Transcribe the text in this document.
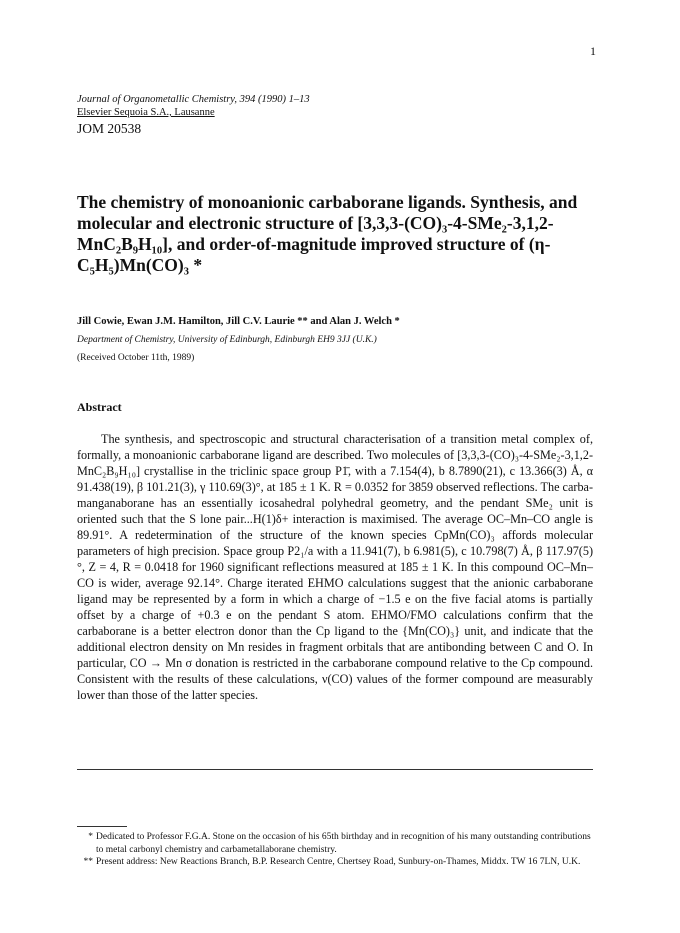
1
Journal of Organometallic Chemistry, 394 (1990) 1–13
Elsevier Sequoia S.A., Lausanne
JOM 20538
The chemistry of monoanionic carbaborane ligands. Synthesis, and molecular and electronic structure of [3,3,3-(CO)₃-4-SMe₂-3,1,2-MnC₂B₉H₁₀], and order-of-magnitude improved structure of (η-C₅H₅)Mn(CO)₃ *
Jill Cowie, Ewan J.M. Hamilton, Jill C.V. Laurie ** and Alan J. Welch *
Department of Chemistry, University of Edinburgh, Edinburgh EH9 3JJ (U.K.)
(Received October 11th, 1989)
Abstract
The synthesis, and spectroscopic and structural characterisation of a transition metal complex of, formally, a monoanionic carbaborane ligand are described. Two molecules of [3,3,3-(CO)₃-4-SMe₂-3,1,2-MnC₂B₉H₁₀] crystallise in the triclinic space group P1̄, with a 7.154(4), b 8.7890(21), c 13.366(3) Å, α 91.438(19), β 101.21(3), γ 110.69(3)°, at 185 ± 1 K. R = 0.0352 for 3859 observed reflections. The carba-manganaborane has an essentially icosahedral polyhedral geometry, and the pendant SMe₂ unit is oriented such that the S lone pair...H(1)δ+ interaction is maximised. The average OC–Mn–CO angle is 89.91°. A redetermination of the structure of the known species CpMn(CO)₃ affords molecular parameters of high precision. Space group P2₁/a with a 11.941(7), b 6.981(5), c 10.798(7) Å, β 117.97(5)°, Z = 4, R = 0.0418 for 1960 significant reflections measured at 185 ± 1 K. In this compound OC–Mn–CO is wider, average 92.14°. Charge iterated EHMO calculations suggest that the anionic carbaborane ligand may be represented by a form in which a charge of −1.5 e on the five facial atoms is partially offset by a charge of +0.3 e on the pendant S atom. EHMO/FMO calculations confirm that the carbaborane is a better electron donor than the Cp ligand to the {Mn(CO)₃} unit, and indicate that the additional electron density on Mn resides in fragment orbitals that are antibonding between C and O. In particular, CO → Mn σ donation is restricted in the carbaborane compound relative to the Cp compound. Consistent with the results of these calculations, ν(CO) values of the former compound are measurably lower than those of the latter species.
* Dedicated to Professor F.G.A. Stone on the occasion of his 65th birthday and in recognition of his many outstanding contributions to metal carbonyl chemistry and carbametallaborane chemistry.
** Present address: New Reactions Branch, B.P. Research Centre, Chertsey Road, Sunbury-on-Thames, Middx. TW 16 7LN, U.K.
